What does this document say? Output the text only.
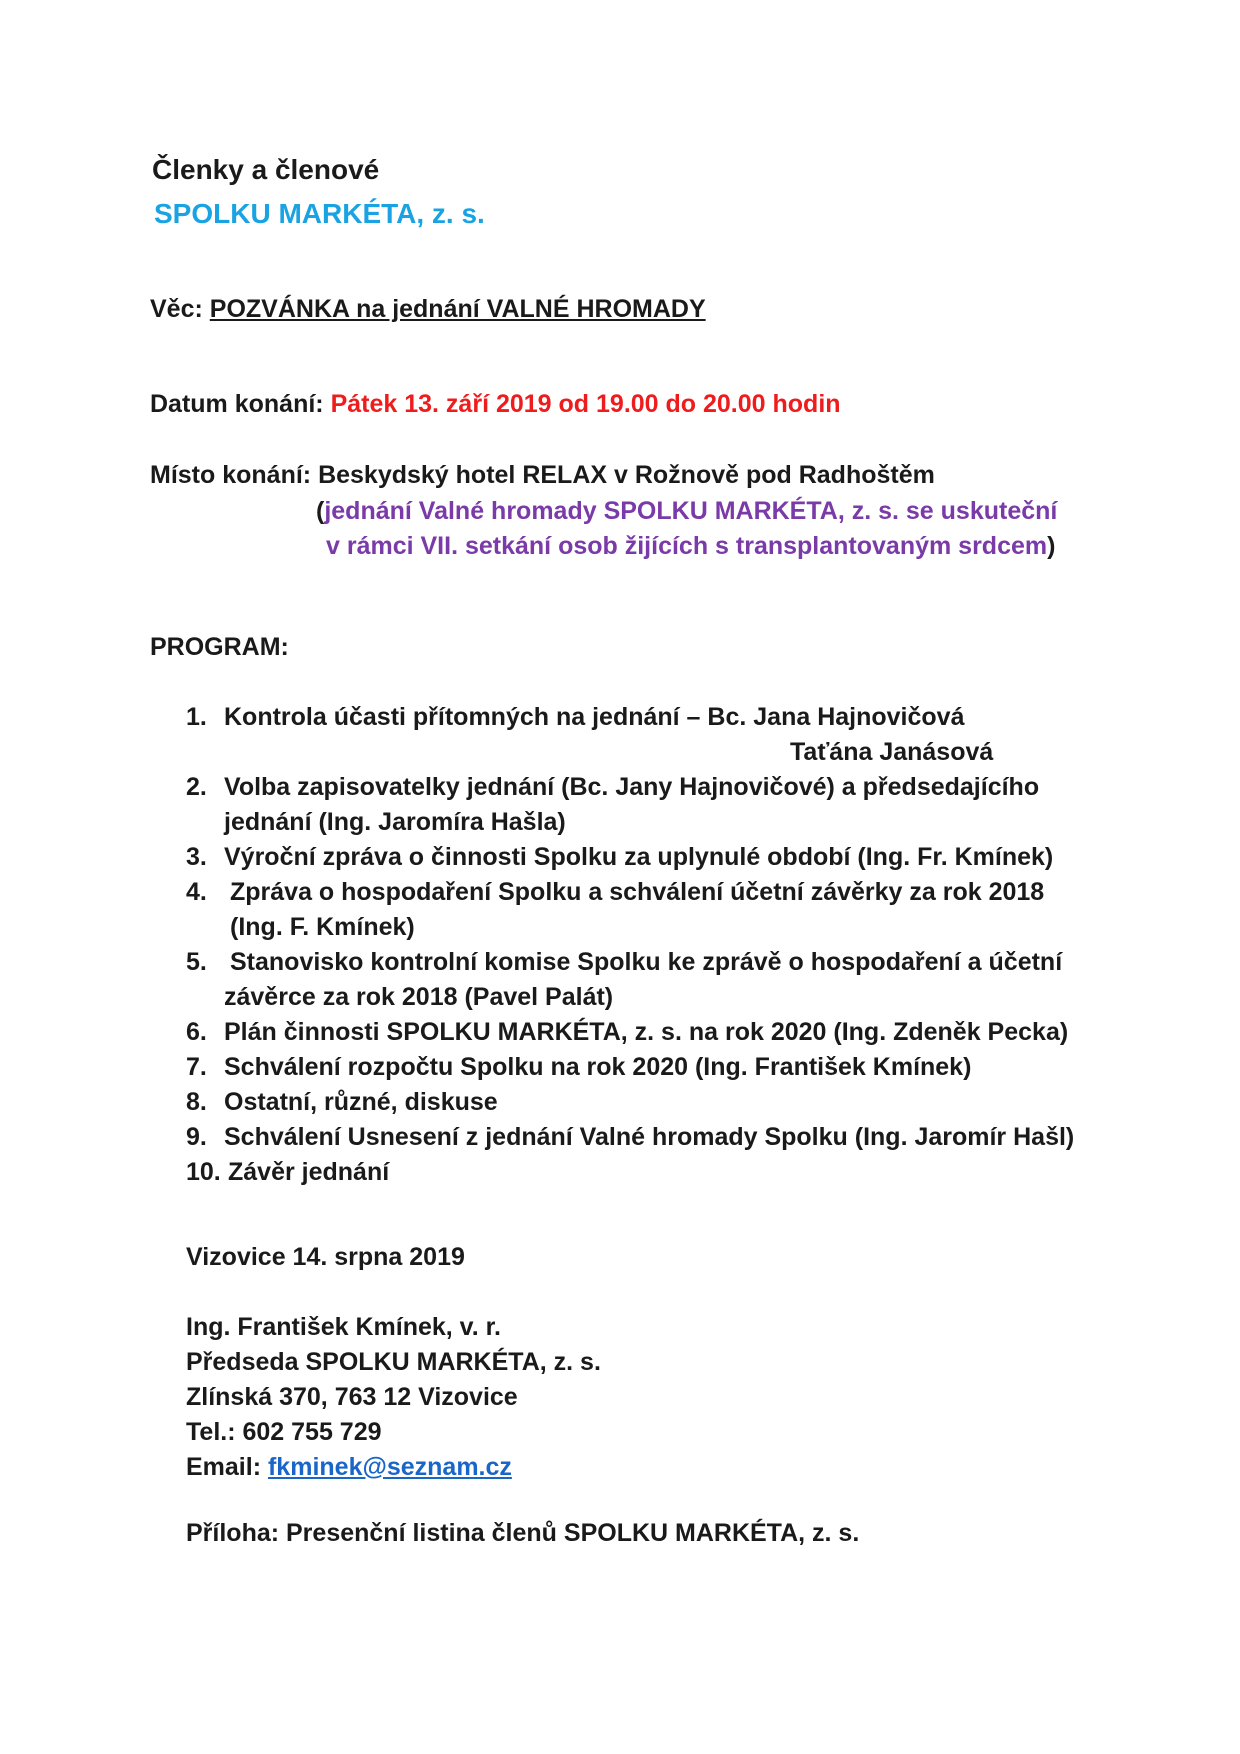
Členky a členové
SPOLKU MARKÉTA, z. s.
Věc: POZVÁNKA na jednání VALNÉ HROMADY
Datum konání: Pátek 13. září 2019 od 19.00 do 20.00 hodin
Místo konání: Beskydský hotel RELAX v Rožnově pod Radhoštěm
(jednání Valné hromady SPOLKU MARKÉTA, z. s. se uskuteční
v rámci VII. setkání osob žijících s transplantovaným srdcem)
PROGRAM:
1. Kontrola účasti přítomných na jednání – Bc. Jana Hajnovičová
Taťána Janásová
2. Volba zapisovatelky jednání (Bc. Jany Hajnovičové) a předsedajícího
jednání (Ing. Jaromíra Hašla)
3. Výroční zpráva o činnosti Spolku za uplynulé období (Ing. Fr. Kmínek)
4. Zpráva o hospodaření Spolku a schválení účetní závěrky za rok 2018
(Ing. F. Kmínek)
5. Stanovisko kontrolní komise Spolku ke zprávě o hospodaření a účetní
závěrce za rok 2018 (Pavel Palát)
6. Plán činnosti SPOLKU MARKÉTA, z. s. na rok 2020 (Ing. Zdeněk Pecka)
7. Schválení rozpočtu Spolku na rok 2020 (Ing. František Kmínek)
8. Ostatní, různé, diskuse
9. Schválení Usnesení z jednání Valné hromady Spolku (Ing. Jaromír Hašl)
10. Závěr jednání
Vizovice 14. srpna 2019
Ing. František Kmínek, v. r.
Předseda SPOLKU MARKÉTA, z. s.
Zlínská 370, 763 12 Vizovice
Tel.: 602 755 729
Email: fkminek@seznam.cz
Příloha: Presenční listina členů SPOLKU MARKÉTA, z. s.
